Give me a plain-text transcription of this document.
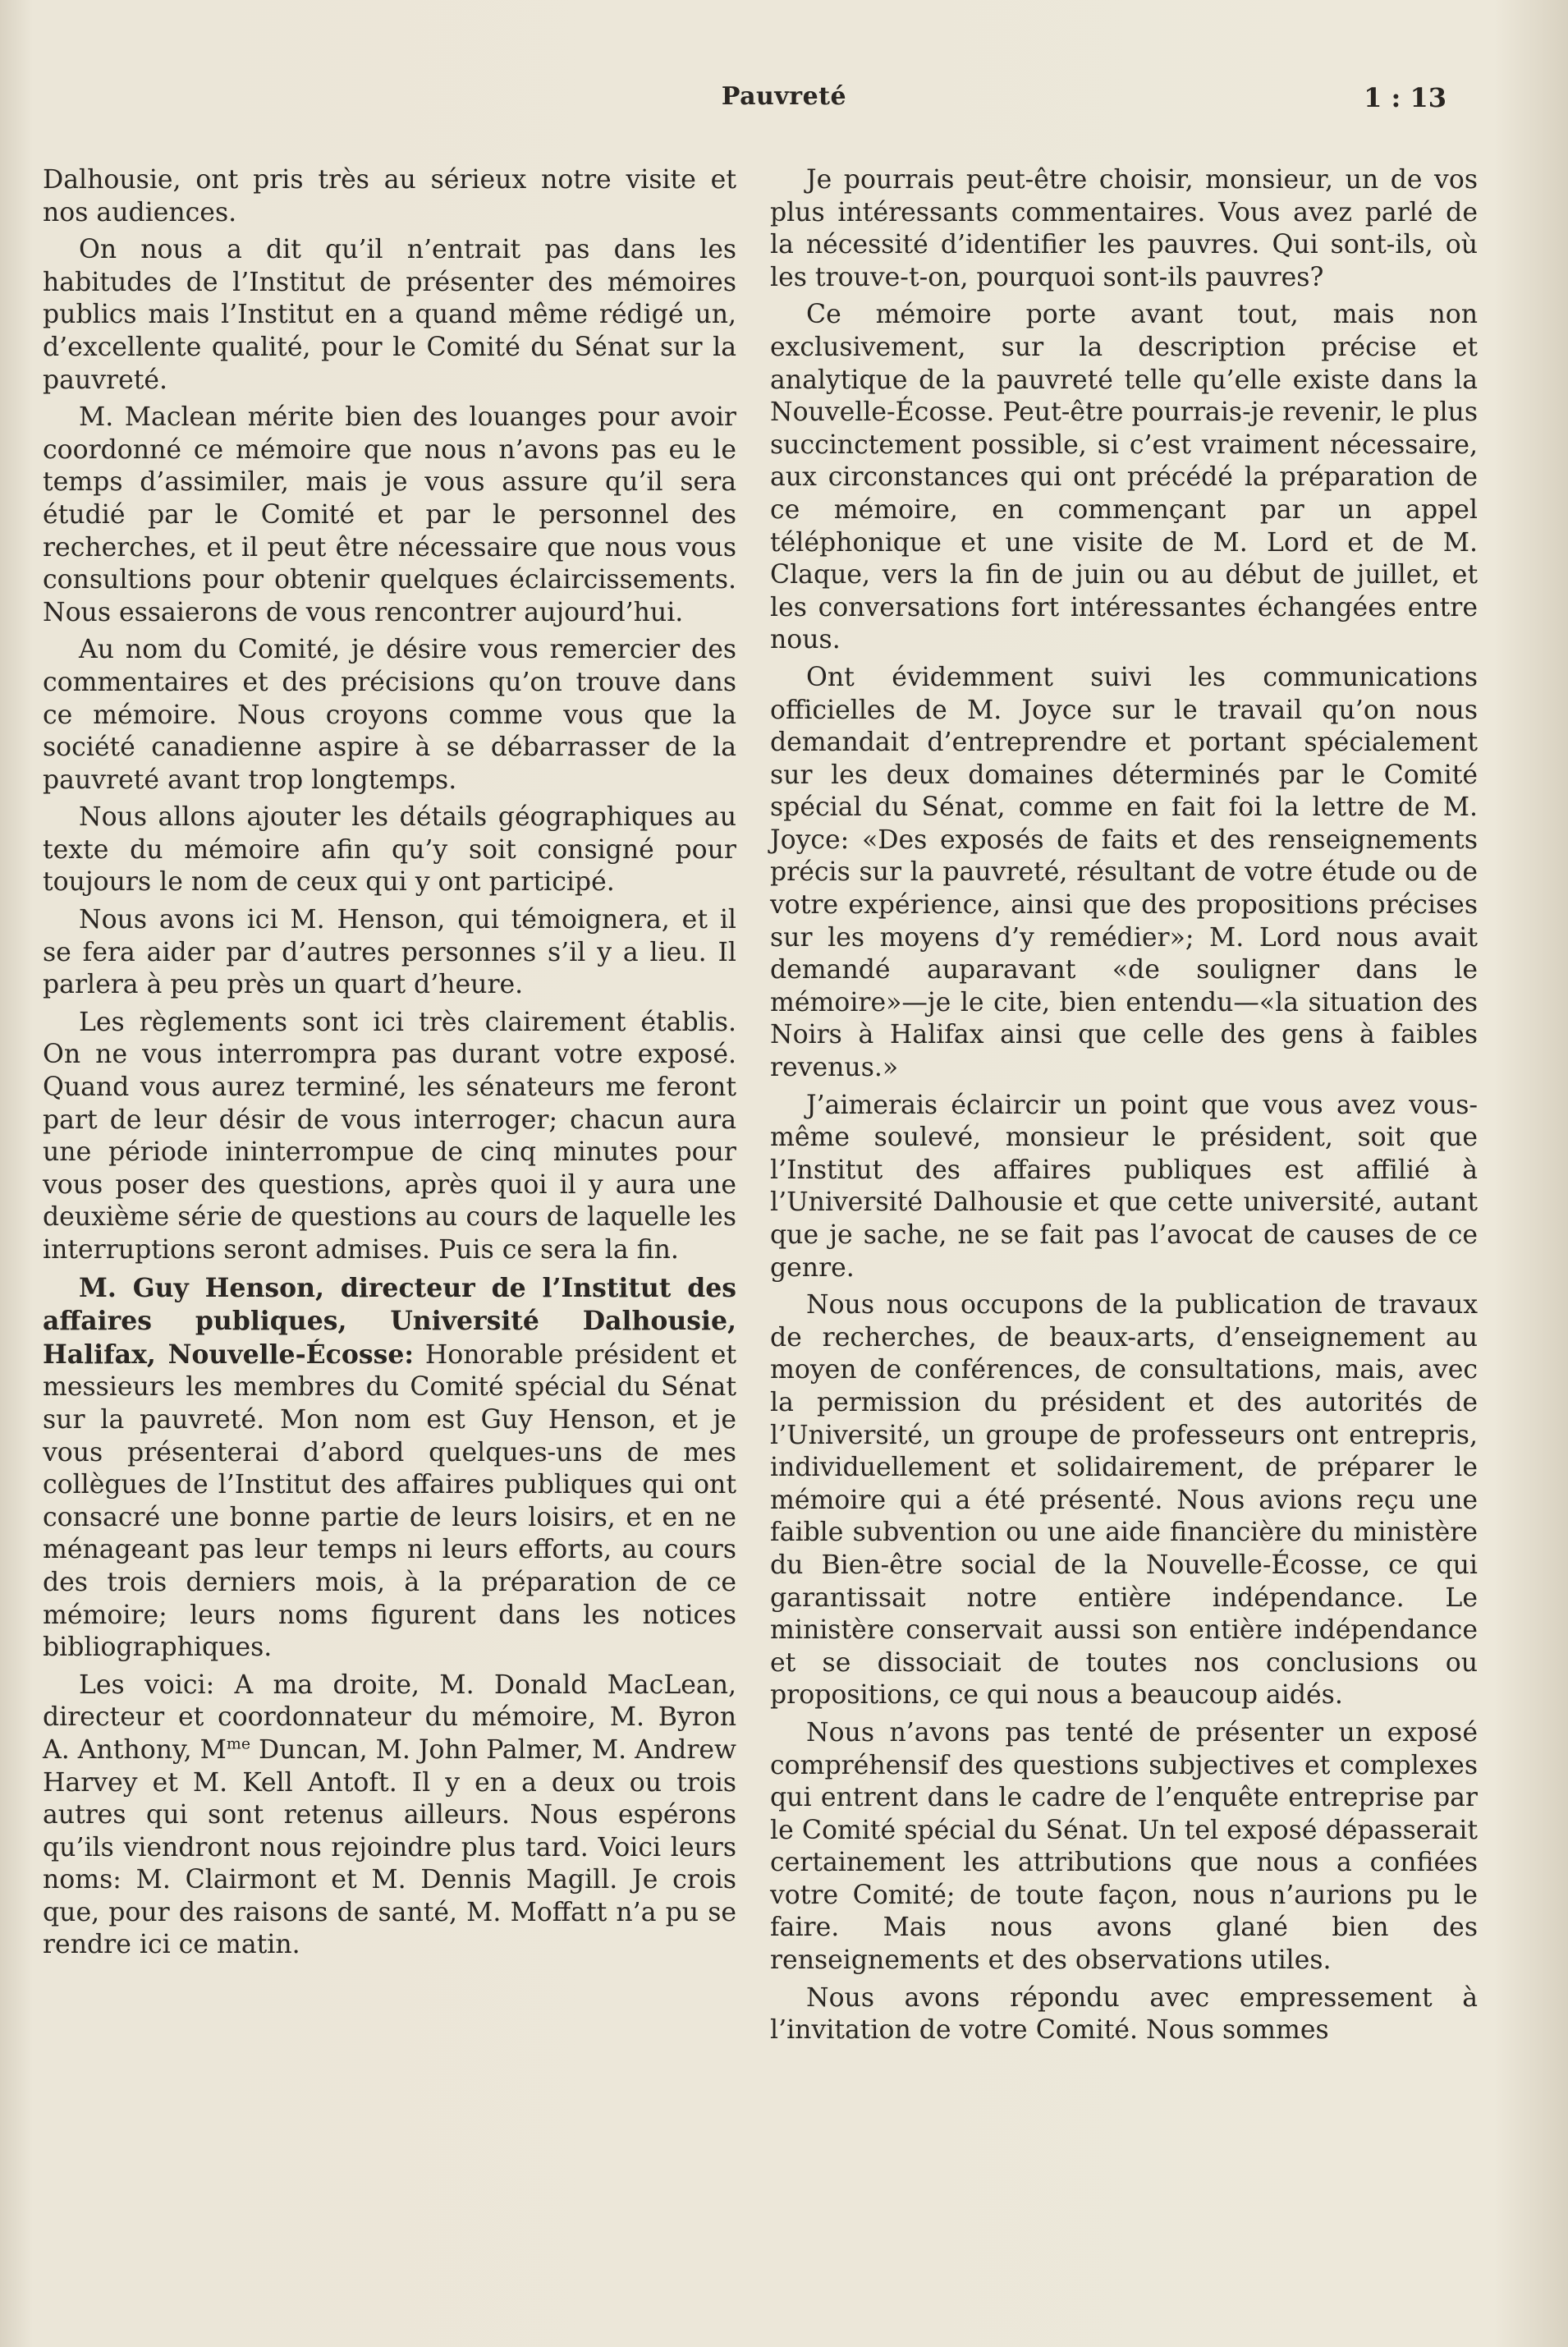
Pauvreté	1 : 13

Dalhousie, ont pris très au sérieux notre visite et nos audiences.

On nous a dit qu’il n’entrait pas dans les habitudes de l’Institut de présenter des mémoires publics mais l’Institut en a quand même rédigé un, d’excellente qualité, pour le Comité du Sénat sur la pauvreté.

M. Maclean mérite bien des louanges pour avoir coordonné ce mémoire que nous n’avons pas eu le temps d’assimiler, mais je vous assure qu’il sera étudié par le Comité et par le personnel des recherches, et il peut être nécessaire que nous vous consultions pour obtenir quelques éclaircissements. Nous essaierons de vous rencontrer aujourd’hui.

Au nom du Comité, je désire vous remercier des commentaires et des précisions qu’on trouve dans ce mémoire. Nous croyons comme vous que la société canadienne aspire à se débarrasser de la pauvreté avant trop longtemps.

Nous allons ajouter les détails géographiques au texte du mémoire afin qu’y soit consigné pour toujours le nom de ceux qui y ont participé.

Nous avons ici M. Henson, qui témoignera, et il se fera aider par d’autres personnes s’il y a lieu. Il parlera à peu près un quart d’heure.

Les règlements sont ici très clairement établis. On ne vous interrompra pas durant votre exposé. Quand vous aurez terminé, les sénateurs me feront part de leur désir de vous interroger; chacun aura une période ininterrompue de cinq minutes pour vous poser des questions, après quoi il y aura une deuxième série de questions au cours de laquelle les interruptions seront admises. Puis ce sera la fin.

M. Guy Henson, directeur de l’Institut des affaires publiques, Université Dalhousie, Halifax, Nouvelle-Écosse: Honorable président et messieurs les membres du Comité spécial du Sénat sur la pauvreté. Mon nom est Guy Henson, et je vous présenterai d’abord quelques-uns de mes collègues de l’Institut des affaires publiques qui ont consacré une bonne partie de leurs loisirs, et en ne ménageant pas leur temps ni leurs efforts, au cours des trois derniers mois, à la préparation de ce mémoire; leurs noms figurent dans les notices bibliographiques.

Les voici: A ma droite, M. Donald MacLean, directeur et coordonnateur du mémoire, M. Byron A. Anthony, $M^{me}$ Duncan, M. John Palmer, M. Andrew Harvey et M. Kell Antoft. Il y en a deux ou trois autres qui sont retenus ailleurs. Nous espérons qu’ils viendront nous rejoindre plus tard. Voici leurs noms: M. Clairmont et M. Dennis Magill. Je crois que, pour des raisons de santé, M. Moffatt n’a pu se rendre ici ce matin.

Je pourrais peut-être choisir, monsieur, un de vos plus intéressants commentaires. Vous avez parlé de la nécessité d’identifier les pauvres. Qui sont-ils, où les trouve-t-on, pourquoi sont-ils pauvres?

Ce mémoire porte avant tout, mais non exclusivement, sur la description précise et analytique de la pauvreté telle qu’elle existe dans la Nouvelle-Écosse. Peut-être pourrais-je revenir, le plus succinctement possible, si c’est vraiment nécessaire, aux circonstances qui ont précédé la préparation de ce mémoire, en commençant par un appel téléphonique et une visite de M. Lord et de M. Claque, vers la fin de juin ou au début de juillet, et les conversations fort intéressantes échangées entre nous.

Ont évidemment suivi les communications officielles de M. Joyce sur le travail qu’on nous demandait d’entreprendre et portant spécialement sur les deux domaines déterminés par le Comité spécial du Sénat, comme en fait foi la lettre de M. Joyce: «Des exposés de faits et des renseignements précis sur la pauvreté, résultant de votre étude ou de votre expérience, ainsi que des propositions précises sur les moyens d’y remédier»; M. Lord nous avait demandé auparavant «de souligner dans le mémoire»—je le cite, bien entendu—«la situation des Noirs à Halifax ainsi que celle des gens à faibles revenus.»

J’aimerais éclaircir un point que vous avez vous-même soulevé, monsieur le président, soit que l’Institut des affaires publiques est affilié à l’Université Dalhousie et que cette université, autant que je sache, ne se fait pas l’avocat de causes de ce genre.

Nous nous occupons de la publication de travaux de recherches, de beaux-arts, d’enseignement au moyen de conférences, de consultations, mais, avec la permission du président et des autorités de l’Université, un groupe de professeurs ont entrepris, individuellement et solidairement, de préparer le mémoire qui a été présenté. Nous avions reçu une faible subvention ou une aide financière du ministère du Bien-être social de la Nouvelle-Écosse, ce qui garantissait notre entière indépendance. Le ministère conservait aussi son entière indépendance et se dissociait de toutes nos conclusions ou propositions, ce qui nous a beaucoup aidés.

Nous n’avons pas tenté de présenter un exposé compréhensif des questions subjectives et complexes qui entrent dans le cadre de l’enquête entreprise par le Comité spécial du Sénat. Un tel exposé dépasserait certainement les attributions que nous a confiées votre Comité; de toute façon, nous n’aurions pu le faire. Mais nous avons glané bien des renseignements et des observations utiles.

Nous avons répondu avec empressement à l’invitation de votre Comité. Nous sommes
